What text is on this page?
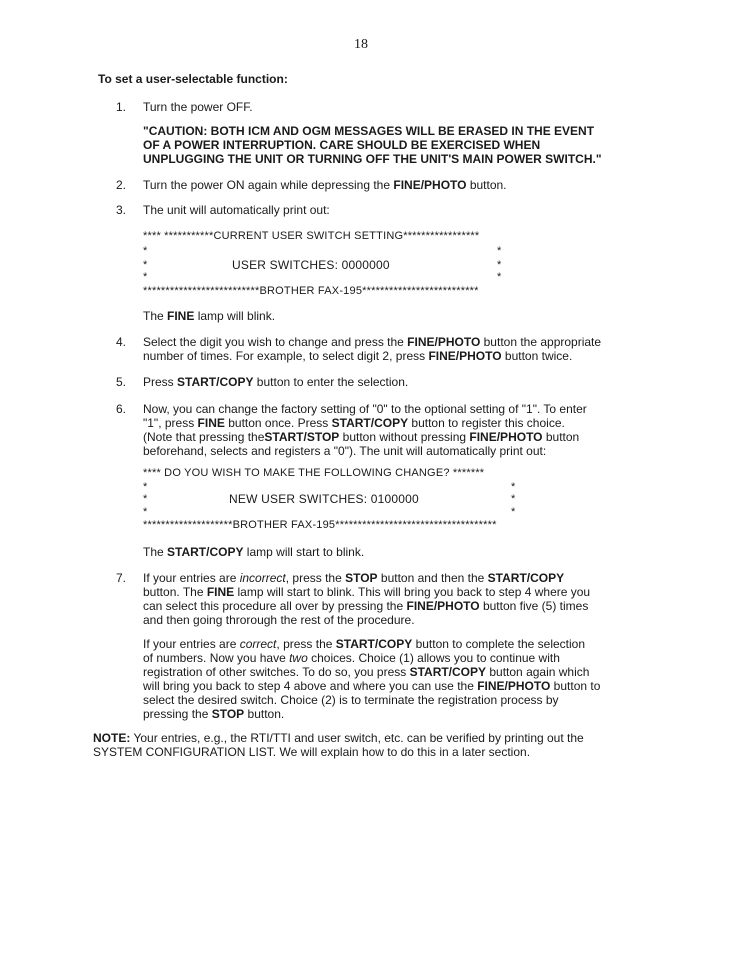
18
To set a user-selectable function:
1. Turn the power OFF.
"CAUTION: BOTH ICM AND OGM MESSAGES WILL BE ERASED IN THE EVENT
OF A POWER INTERRUPTION. CARE SHOULD BE EXERCISED WHEN
UNPLUGGING THE UNIT OR TURNING OFF THE UNIT'S MAIN POWER SWITCH."
2. Turn the power ON again while depressing the FINE/PHOTO button.
3. The unit will automatically print out:
**** ***********CURRENT USER SWITCH SETTING*****************
*	*
*	USER SWITCHES: 0000000	*
*	*
**************************BROTHER FAX-195**************************
The FINE lamp will blink.
4. Select the digit you wish to change and press the FINE/PHOTO button the appropriate
number of times. For example, to select digit 2, press FINE/PHOTO button twice.
5. Press START/COPY button to enter the selection.
6. Now, you can change the factory setting of "0" to the optional setting of "1". To enter
"1", press FINE button once. Press START/COPY button to register this choice.
(Note that pressing theSTART/STOP button without pressing FINE/PHOTO button
beforehand, selects and registers a "0"). The unit will automatically print out:
**** DO YOU WISH TO MAKE THE FOLLOWING CHANGE? *******
*	*
*	NEW USER SWITCHES: 0100000	*
*	*
********************BROTHER FAX-195************************************
The START/COPY lamp will start to blink.
7. If your entries are incorrect, press the STOP button and then the START/COPY
button. The FINE lamp will start to blink. This will bring you back to step 4 where you
can select this procedure all over by pressing the FINE/PHOTO button five (5) times
and then going throrough the rest of the procedure.
If your entries are correct, press the START/COPY button to complete the selection
of numbers. Now you have two choices. Choice (1) allows you to continue with
registration of other switches. To do so, you press START/COPY button again which
will bring you back to step 4 above and where you can use the FINE/PHOTO button to
select the desired switch. Choice (2) is to terminate the registration process by
pressing the STOP button.
NOTE: Your entries, e.g., the RTI/TTI and user switch, etc. can be verified by printing out the
SYSTEM CONFIGURATION LIST. We will explain how to do this in a later section.
